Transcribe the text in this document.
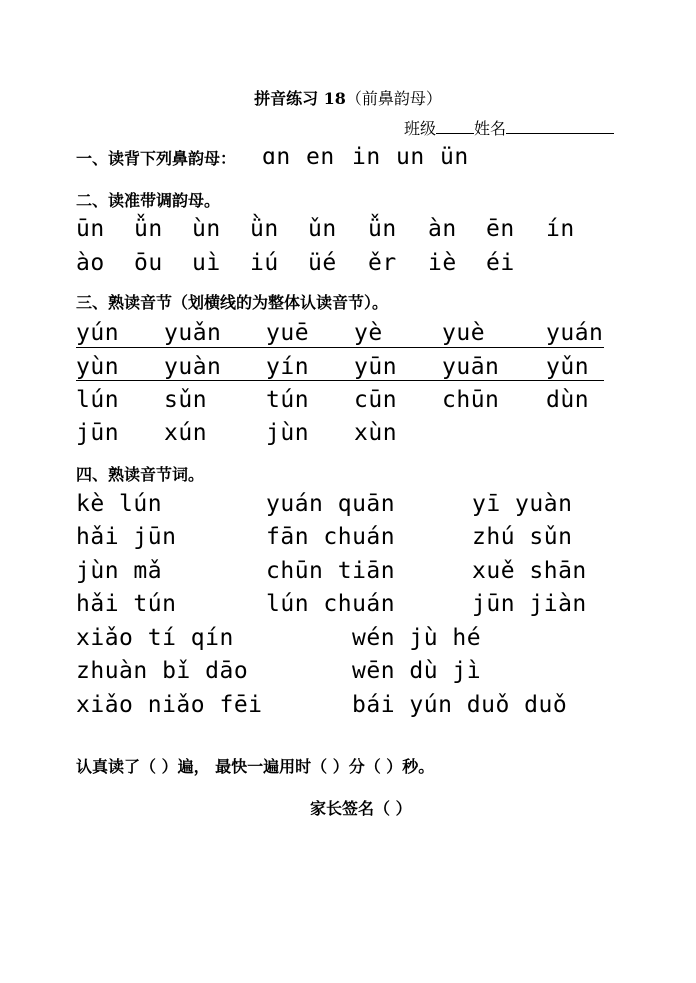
拼音练习 18（前鼻韵母）
班级 姓名
一、读背下列鼻韵母： ɑn en in un ün
二、读准带调韵母。
ūn ǚn ùn ǜn ǔn ǚn àn ēn ín
ào ōu uì iú üé ěr iè éi
三、熟读音节（划横线的为整体认读音节）。
yún yuǎn yuē yè	yuè	yuán
yùn yuàn yín yūn yuān yǔn
lún sǔn	tún cūn chūn dùn
jūn xún	jùn xùn
四、熟读音节词。
kè lún	yuán quān	yī yuàn
hǎi jūn	fān chuán	zhú sǔn
jùn mǎ	chūn tiān	xuě shān
hǎi tún	lún chuán	jūn jiàn
xiǎo tí qín	wén jù hé
zhuàn bǐ dāo	wēn dù jì
xiǎo niǎo fēi	bái yún duǒ duǒ
认真读了（ ）遍， 最快一遍用时（ ）分（ ）秒。
家长签名（ ）
